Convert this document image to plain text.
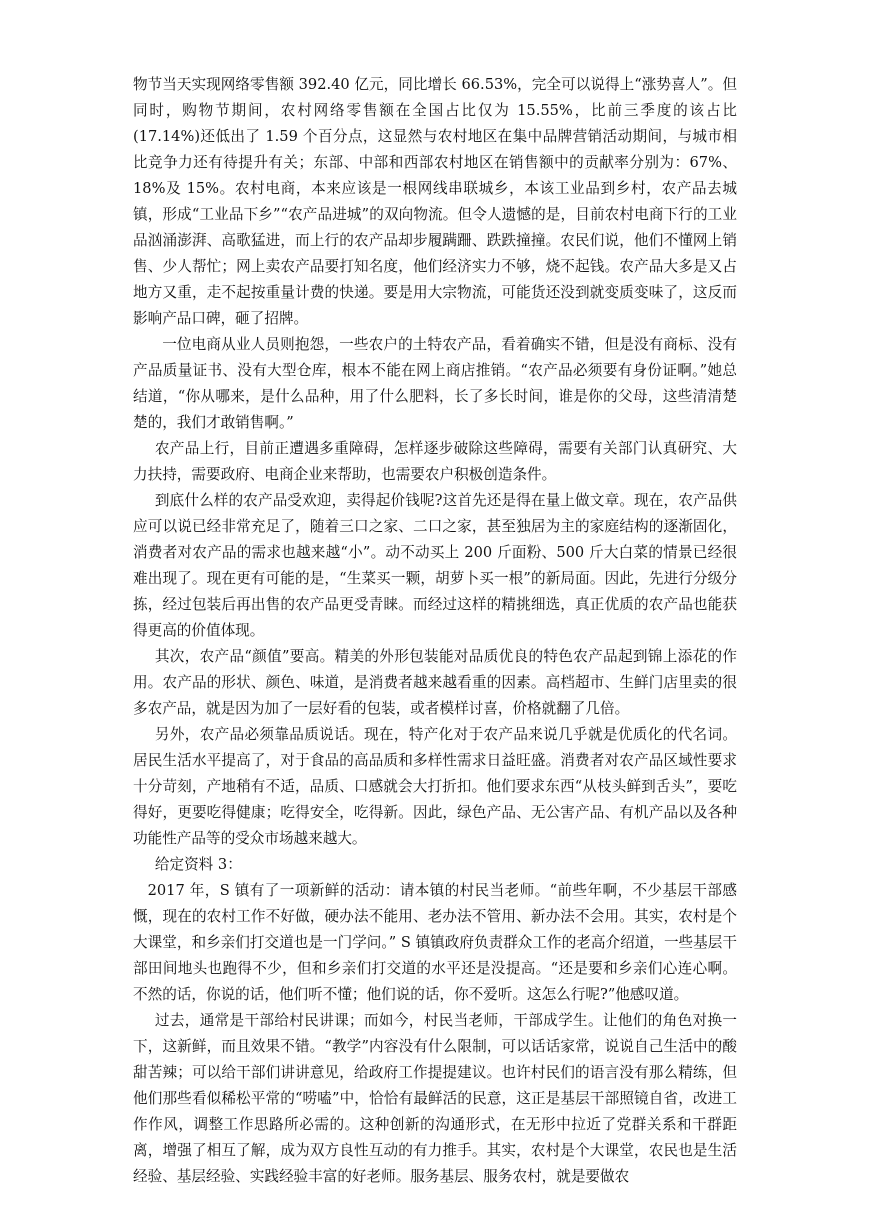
物节当天实现网络零售额 392.40 亿元，同比增长 66.53%，完全可以说得上“涨势喜人”。但同时，购物节期间，农村网络零售额在全国占比仅为 15.55%，比前三季度的该占比(17.14%)还低出了 1.59 个百分点，这显然与农村地区在集中品牌营销活动期间，与城市相比竞争力还有待提升有关；东部、中部和西部农村地区在销售额中的贡献率分别为：67%、18%及 15%。农村电商，本来应该是一根网线串联城乡，本该工业品到乡村，农产品去城镇，形成“工业品下乡”“农产品进城”的双向物流。但令人遗憾的是，目前农村电商下行的工业品汹涌澎湃、高歌猛进，而上行的农产品却步履蹒跚、跌跌撞撞。农民们说，他们不懂网上销售、少人帮忙；网上卖农产品要打知名度，他们经济实力不够，烧不起钱。农产品大多是又占地方又重，走不起按重量计费的快递。要是用大宗物流，可能货还没到就变质变味了，这反而影响产品口碑，砸了招牌。

一位电商从业人员则抱怨，一些农户的土特农产品，看着确实不错，但是没有商标、没有产品质量证书、没有大型仓库，根本不能在网上商店推销。“农产品必须要有身份证啊。”她总结道，“你从哪来，是什么品种，用了什么肥料，长了多长时间，谁是你的父母，这些清清楚楚的，我们才敢销售啊。”

农产品上行，目前正遭遇多重障碍，怎样逐步破除这些障碍，需要有关部门认真研究、大力扶持，需要政府、电商企业来帮助，也需要农户积极创造条件。

到底什么样的农产品受欢迎，卖得起价钱呢?这首先还是得在量上做文章。现在，农产品供应可以说已经非常充足了，随着三口之家、二口之家，甚至独居为主的家庭结构的逐渐固化，消费者对农产品的需求也越来越“小”。动不动买上 200 斤面粉、500 斤大白菜的情景已经很难出现了。现在更有可能的是，“生菜买一颗，胡萝卜买一根”的新局面。因此，先进行分级分拣，经过包装后再出售的农产品更受青睐。而经过这样的精挑细选，真正优质的农产品也能获得更高的价值体现。

其次，农产品“颜值”要高。精美的外形包装能对品质优良的特色农产品起到锦上添花的作用。农产品的形状、颜色、味道，是消费者越来越看重的因素。高档超市、生鲜门店里卖的很多农产品，就是因为加了一层好看的包装，或者模样讨喜，价格就翻了几倍。

另外，农产品必须靠品质说话。现在，特产化对于农产品来说几乎就是优质化的代名词。居民生活水平提高了，对于食品的高品质和多样性需求日益旺盛。消费者对农产品区域性要求十分苛刻，产地稍有不适，品质、口感就会大打折扣。他们要求东西“从枝头鲜到舌头”，要吃得好，更要吃得健康；吃得安全，吃得新。因此，绿色产品、无公害产品、有机产品以及各种功能性产品等的受众市场越来越大。

给定资料 3：

2017 年，S 镇有了一项新鲜的活动：请本镇的村民当老师。“前些年啊，不少基层干部感慨，现在的农村工作不好做，硬办法不能用、老办法不管用、新办法不会用。其实，农村是个大课堂，和乡亲们打交道也是一门学问。” S 镇镇政府负责群众工作的老高介绍道，一些基层干部田间地头也跑得不少，但和乡亲们打交道的水平还是没提高。“还是要和乡亲们心连心啊。不然的话，你说的话，他们听不懂；他们说的话，你不爱听。这怎么行呢?”他感叹道。

过去，通常是干部给村民讲课；而如今，村民当老师，干部成学生。让他们的角色对换一下，这新鲜，而且效果不错。“教学”内容没有什么限制，可以话话家常，说说自己生活中的酸甜苦辣；可以给干部们讲讲意见，给政府工作提提建议。也许村民们的语言没有那么精练，但他们那些看似稀松平常的“唠嗑”中，恰恰有最鲜活的民意，这正是基层干部照镜自省，改进工作作风，调整工作思路所必需的。这种创新的沟通形式，在无形中拉近了党群关系和干群距离，增强了相互了解，成为双方良性互动的有力推手。其实，农村是个大课堂，农民也是生活经验、基层经验、实践经验丰富的好老师。服务基层、服务农村，就是要做农
